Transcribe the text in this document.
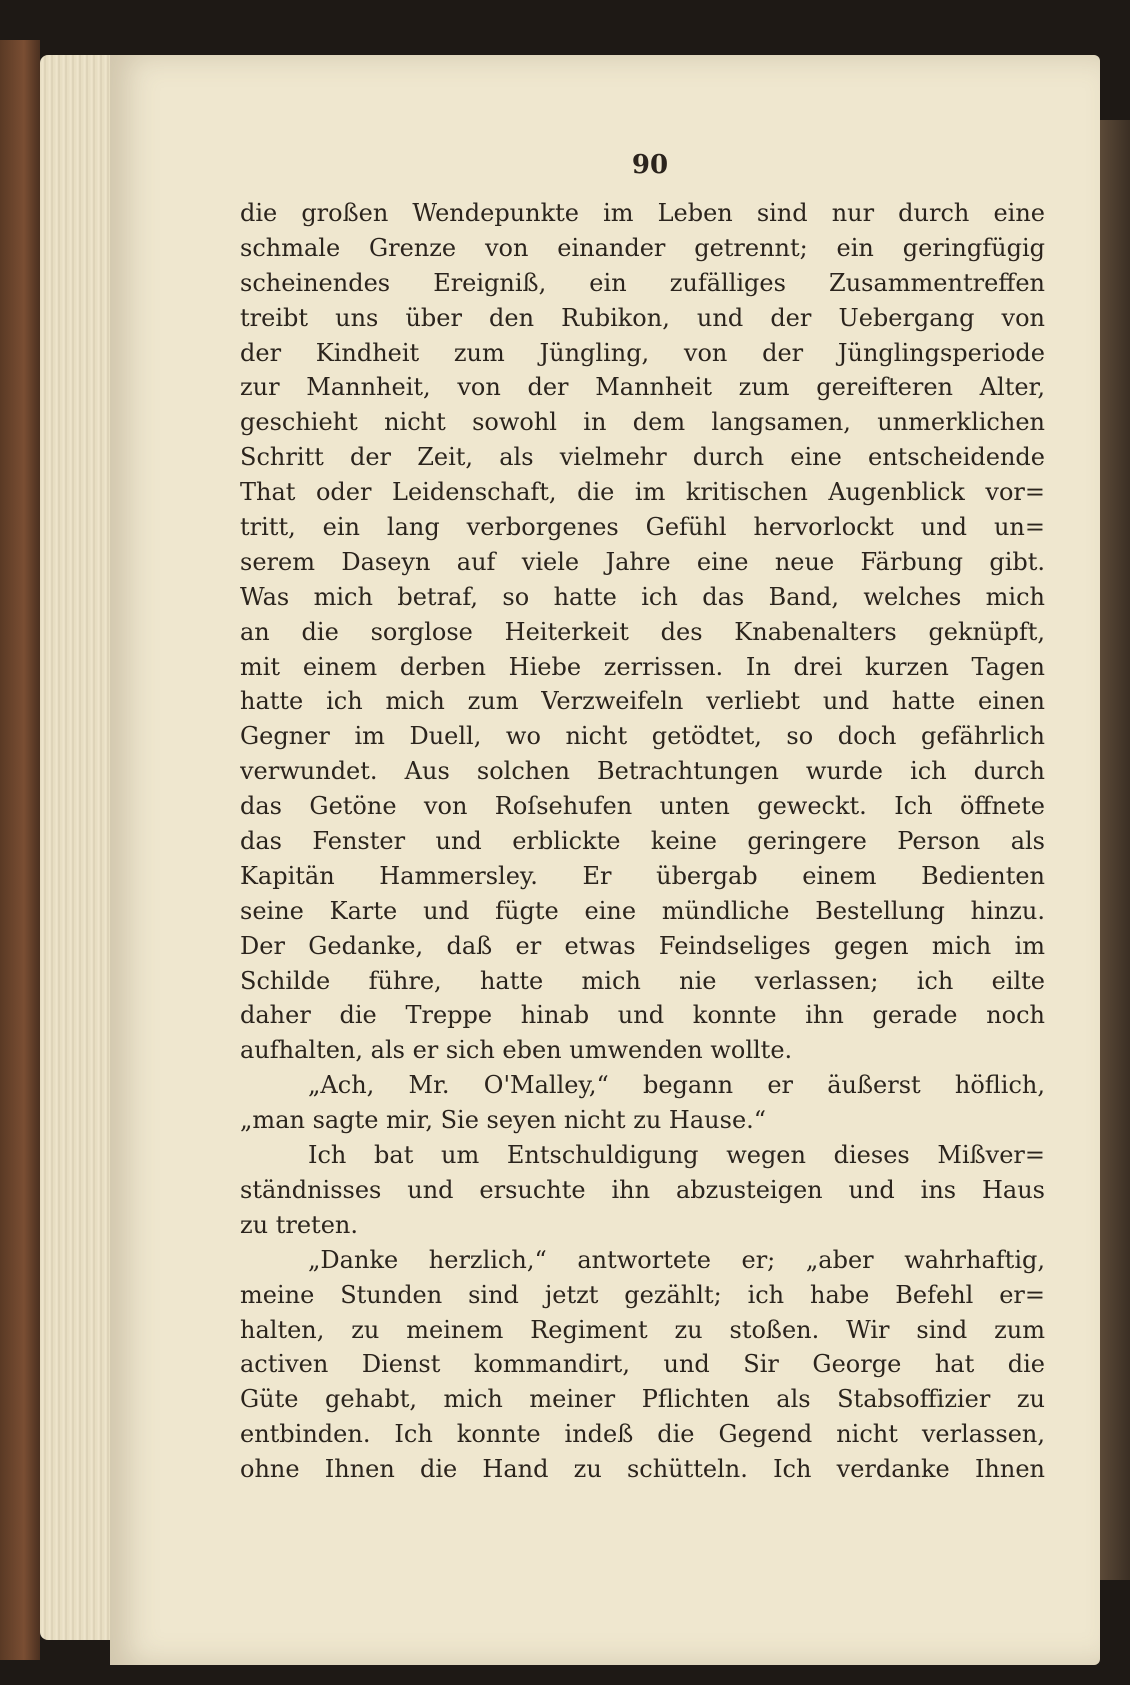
90
die großen Wendepunkte im Leben sind nur durch eine
schmale Grenze von einander getrennt; ein geringfügig
scheinendes Ereigniß, ein zufälliges Zusammentreffen
treibt uns über den Rubikon, und der Uebergang von
der Kindheit zum Jüngling, von der Jünglingsperiode
zur Mannheit, von der Mannheit zum gereifteren Alter,
geschieht nicht sowohl in dem langsamen, unmerklichen
Schritt der Zeit, als vielmehr durch eine entscheidende
That oder Leidenschaft, die im kritischen Augenblick vor=
tritt, ein lang verborgenes Gefühl hervorlockt und un=
serem Daseyn auf viele Jahre eine neue Färbung gibt.
Was mich betraf, so hatte ich das Band, welches mich
an die sorglose Heiterkeit des Knabenalters geknüpft,
mit einem derben Hiebe zerrissen. In drei kurzen Tagen
hatte ich mich zum Verzweifeln verliebt und hatte einen
Gegner im Duell, wo nicht getödtet, so doch gefährlich
verwundet. Aus solchen Betrachtungen wurde ich durch
das Getöne von Roſsehufen unten geweckt. Ich öffnete
das Fenster und erblickte keine geringere Person als
Kapitän Hammersley. Er übergab einem Bedienten
seine Karte und fügte eine mündliche Bestellung hinzu.
Der Gedanke, daß er etwas Feindseliges gegen mich im
Schilde führe, hatte mich nie verlassen; ich eilte
daher die Treppe hinab und konnte ihn gerade noch
aufhalten, als er sich eben umwenden wollte.
„Ach, Mr. O'Malley,“ begann er äußerst höflich,
„man sagte mir, Sie seyen nicht zu Hause.“
Ich bat um Entschuldigung wegen dieses Mißver=
ständnisses und ersuchte ihn abzusteigen und ins Haus
zu treten.
„Danke herzlich,“ antwortete er; „aber wahrhaftig,
meine Stunden sind jetzt gezählt; ich habe Befehl er=
halten, zu meinem Regiment zu stoßen. Wir sind zum
activen Dienst kommandirt, und Sir George hat die
Güte gehabt, mich meiner Pflichten als Stabsoffizier zu
entbinden. Ich konnte indeß die Gegend nicht verlassen,
ohne Ihnen die Hand zu schütteln. Ich verdanke Ihnen
